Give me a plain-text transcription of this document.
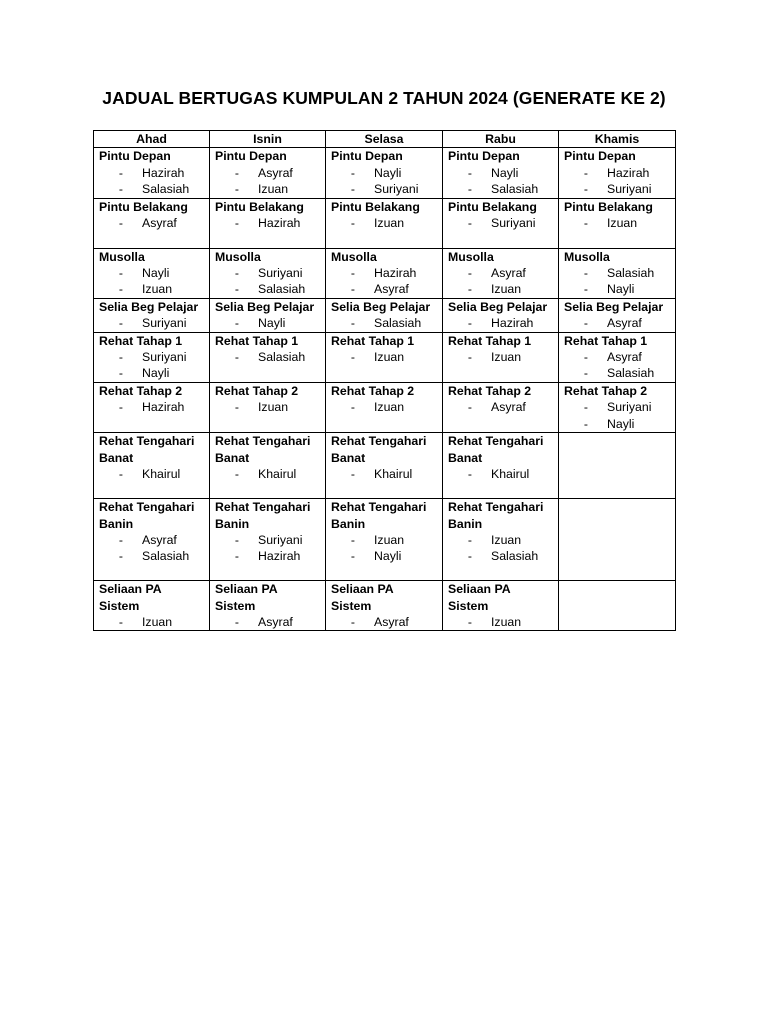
JADUAL BERTUGAS KUMPULAN 2 TAHUN 2024 (GENERATE KE 2)
Ahad	Isnin	Selasa	Rabu	Khamis

Pintu Depan
- Hazirah
- Salasiah	Pintu Depan
- Asyraf
- Izuan	Pintu Depan
- Nayli
- Suriyani	Pintu Depan
- Nayli
- Salasiah	Pintu Depan
- Hazirah
- Suriyani

Pintu Belakang
- Asyraf	Pintu Belakang
- Hazirah	Pintu Belakang
- Izuan	Pintu Belakang
- Suriyani	Pintu Belakang
- Izuan

Musolla
- Nayli
- Izuan	Musolla
- Suriyani
- Salasiah	Musolla
- Hazirah
- Asyraf	Musolla
- Asyraf
- Izuan	Musolla
- Salasiah
- Nayli

Selia Beg Pelajar
- Suriyani	Selia Beg Pelajar
- Nayli	Selia Beg Pelajar
- Salasiah	Selia Beg Pelajar
- Hazirah	Selia Beg Pelajar
- Asyraf

Rehat Tahap 1
- Suriyani
- Nayli	Rehat Tahap 1
- Salasiah	Rehat Tahap 1
- Izuan	Rehat Tahap 1
- Izuan	Rehat Tahap 1
- Asyraf
- Salasiah

Rehat Tahap 2
- Hazirah	Rehat Tahap 2
- Izuan	Rehat Tahap 2
- Izuan	Rehat Tahap 2
- Asyraf	Rehat Tahap 2
- Suriyani
- Nayli

Rehat Tengahari
Banat
- Khairul	Rehat Tengahari
Banat
- Khairul	Rehat Tengahari
Banat
- Khairul	Rehat Tengahari
Banat
- Khairul	

Rehat Tengahari
Banin
- Asyraf
- Salasiah	Rehat Tengahari
Banin
- Suriyani
- Hazirah	Rehat Tengahari
Banin
- Izuan
- Nayli	Rehat Tengahari
Banin
- Izuan
- Salasiah	

Seliaan PA
Sistem
- Izuan	Seliaan PA
Sistem
- Asyraf	Seliaan PA
Sistem
- Asyraf	Seliaan PA
Sistem
- Izuan	
